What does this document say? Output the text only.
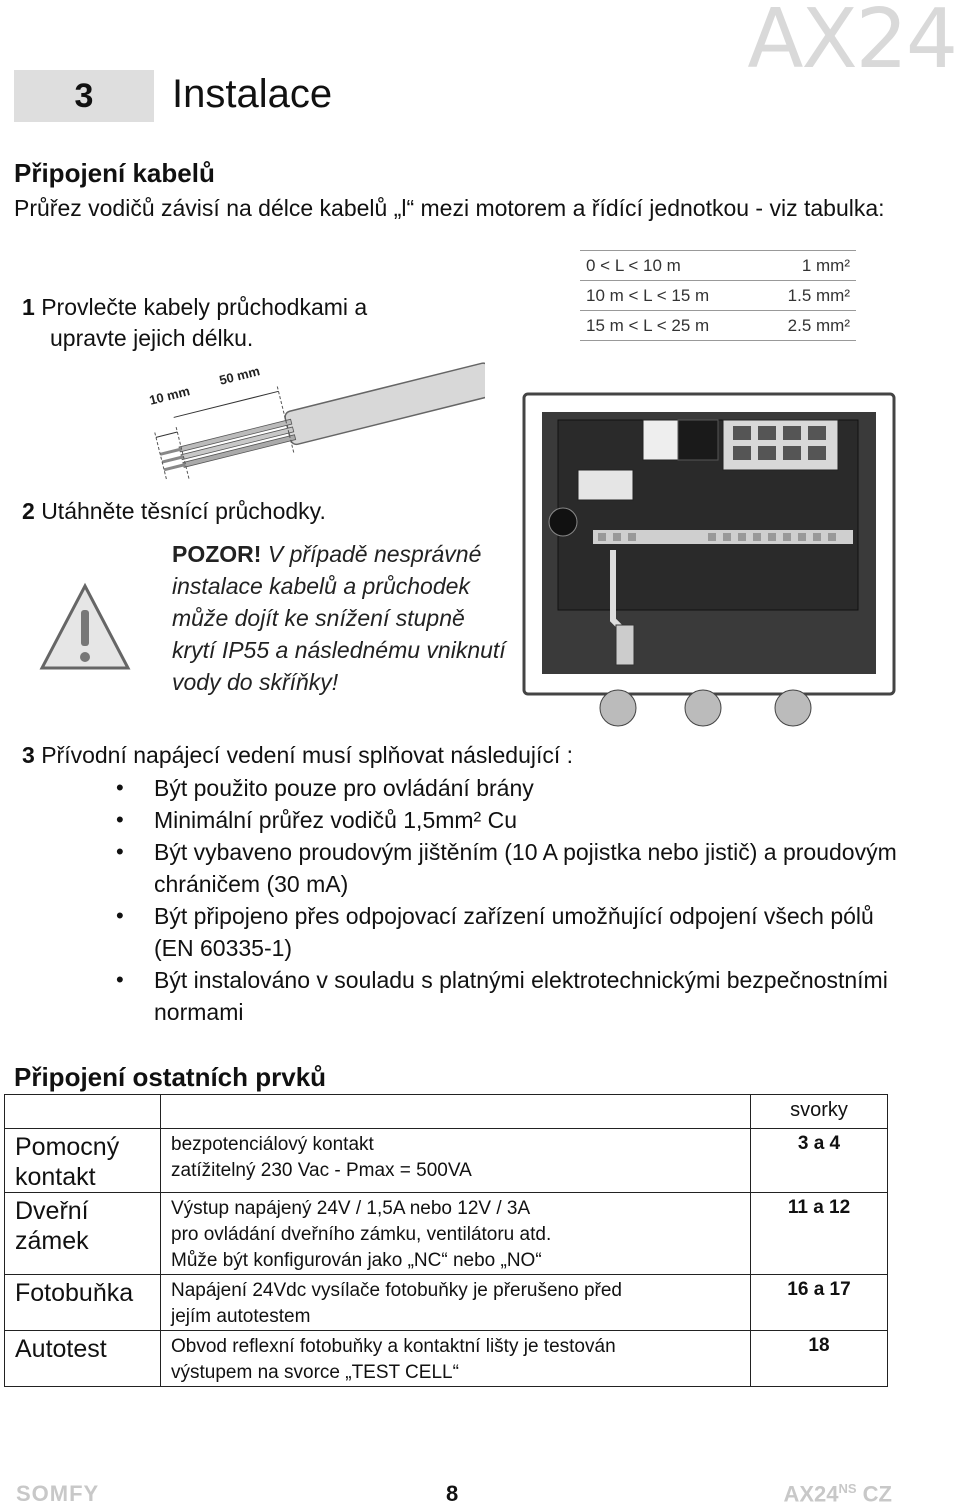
AX24
3	Instalace
Připojení kabelů
Průřez vodičů závisí na délce kabelů „l“ mezi motorem a řídící jednotkou - viz tabulka:
0 < L < 10 m	1 mm²
10 m < L < 15 m	1.5 mm²
15 m < L < 25 m	2.5 mm²
1 Provlečte kabely průchodkami a
upravte jejich délku.
10 mm
50 mm
2 Utáhněte těsnící průchodky.
POZOR! V případě nesprávné instalace kabelů a průchodek může dojít ke snížení stupně krytí IP55 a následnému vniknutí vody do skříňky!
3 Přívodní napájecí vedení musí splňovat následující :
• Být použito pouze pro ovládání brány
• Minimální průřez vodičů 1,5mm² Cu
• Být vybaveno proudovým jištěním (10 A pojistka nebo jistič) a proudovým chráničem (30 mA)
• Být připojeno přes odpojovací zařízení umožňující odpojení všech pólů (EN 60335-1)
• Být instalováno v souladu s platnými elektrotechnickými bezpečnostními normami
Připojení ostatních prvků
		svorky
Pomocný kontakt	bezpotenciálový kontakt
zatížitelný 230 Vac - Pmax = 500VA	3 a 4
Dveřní zámek	Výstup napájený 24V / 1,5A nebo 12V / 3A
pro ovládání dveřního zámku, ventilátoru atd.
Může být konfigurován jako „NC“ nebo „NO“	11 a 12
Fotobuňka	Napájení 24Vdc vysílače fotobuňky je přerušeno před
jejím autotestem	16 a 17
Autotest	Obvod reflexní fotobuňky a kontaktní lišty je testován
výstupem na svorce „TEST CELL“	18
SOMFY	8	$AX24^{NS}$ CZ
